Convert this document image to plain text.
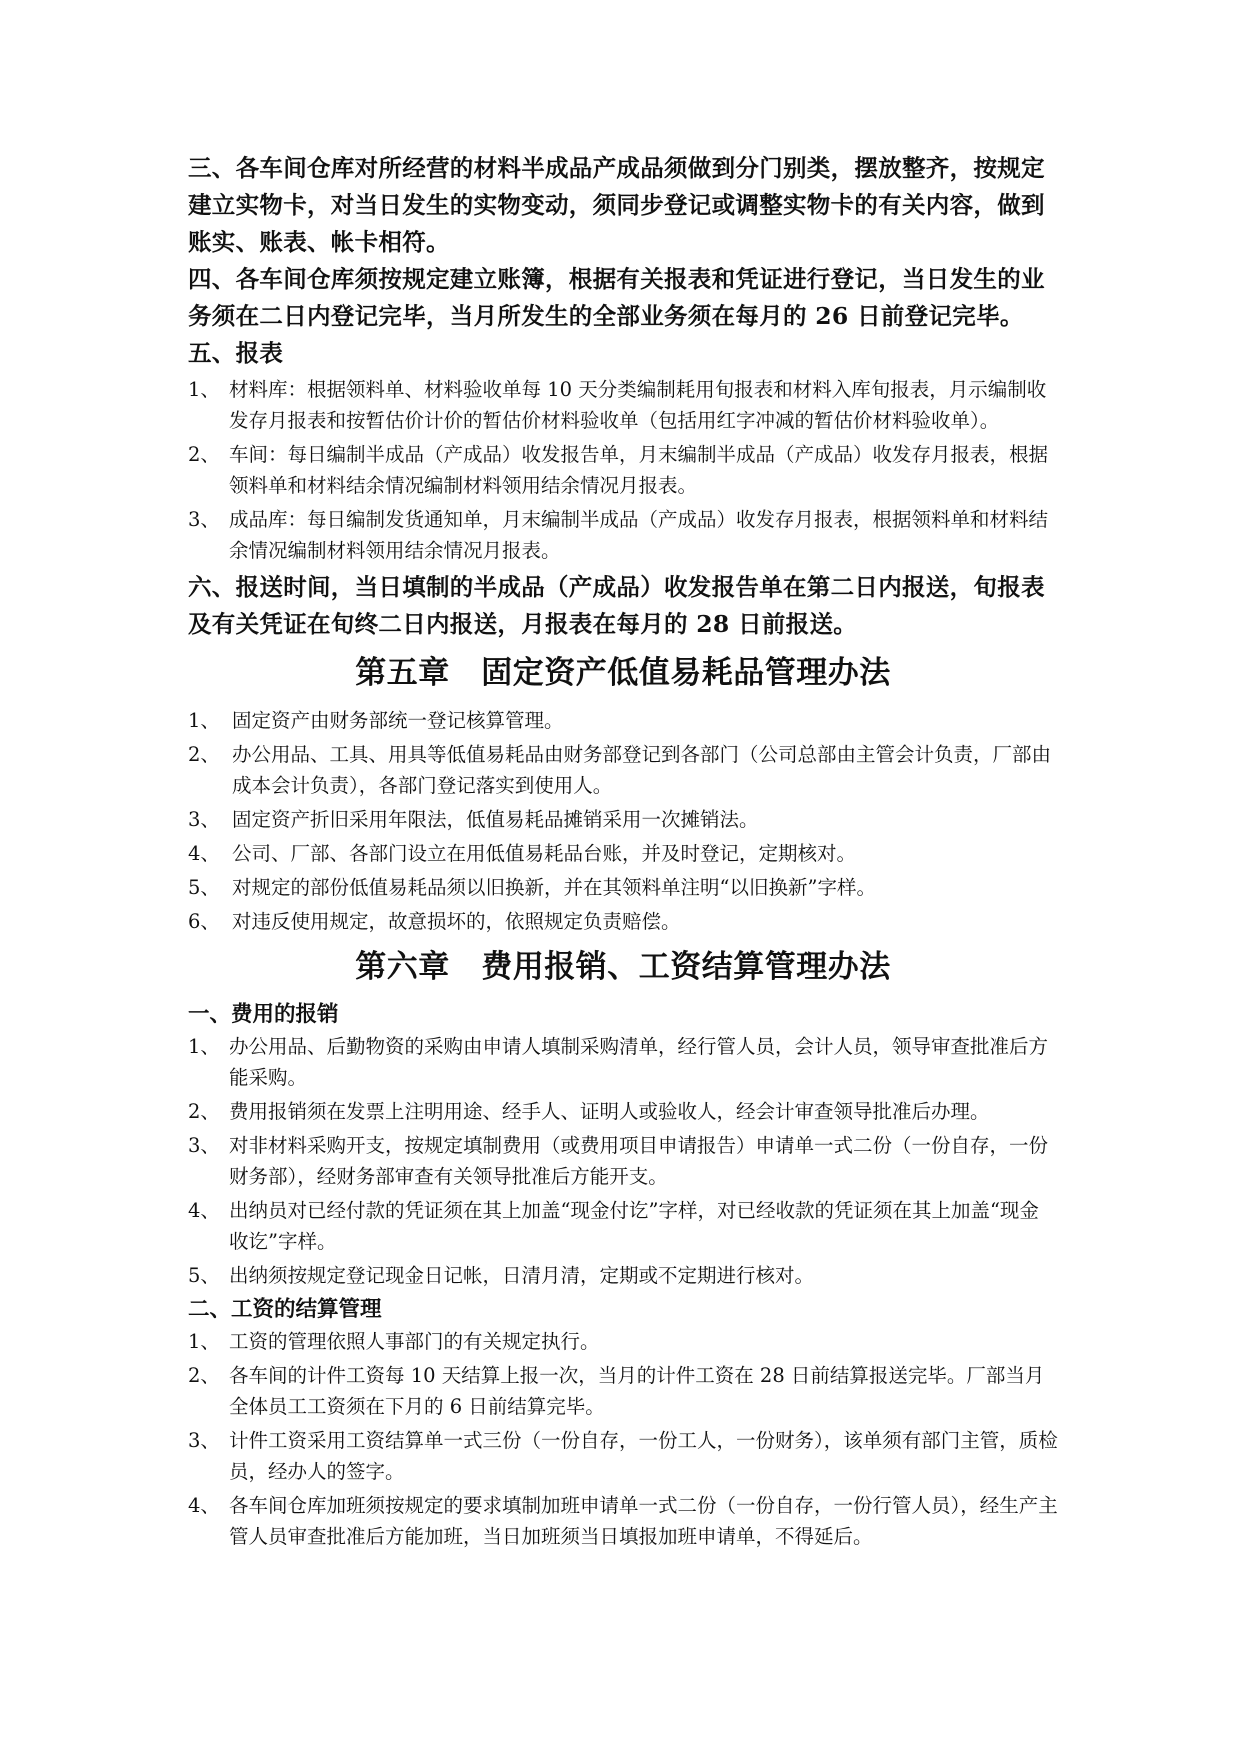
三、各车间仓库对所经营的材料半成品产成品须做到分门别类，摆放整齐，按规定建立实物卡，对当日发生的实物变动，须同步登记或调整实物卡的有关内容，做到账实、账表、帐卡相符。

四、各车间仓库须按规定建立账簿，根据有关报表和凭证进行登记，当日发生的业务须在二日内登记完毕，当月所发生的全部业务须在每月的 26 日前登记完毕。

五、报表

1、 材料库：根据领料单、材料验收单每 10 天分类编制耗用旬报表和材料入库旬报表，月示编制收发存月报表和按暂估价计价的暂估价材料验收单（包括用红字冲减的暂估价材料验收单）。
2、 车间：每日编制半成品（产成品）收发报告单，月末编制半成品（产成品）收发存月报表，根据领料单和材料结余情况编制材料领用结余情况月报表。
3、 成品库：每日编制发货通知单，月末编制半成品（产成品）收发存月报表，根据领料单和材料结余情况编制材料领用结余情况月报表。

六、报送时间，当日填制的半成品（产成品）收发报告单在第二日内报送，旬报表及有关凭证在旬终二日内报送，月报表在每月的 28 日前报送。

第五章　固定资产低值易耗品管理办法
1、 固定资产由财务部统一登记核算管理。
2、 办公用品、工具、用具等低值易耗品由财务部登记到各部门（公司总部由主管会计负责，厂部由成本会计负责），各部门登记落实到使用人。
3、 固定资产折旧采用年限法，低值易耗品摊销采用一次摊销法。
4、 公司、厂部、各部门设立在用低值易耗品台账，并及时登记，定期核对。
5、 对规定的部份低值易耗品须以旧换新，并在其领料单注明“以旧换新”字样。
6、 对违反使用规定，故意损坏的，依照规定负责赔偿。
第六章　费用报销、工资结算管理办法

一、费用的报销

1、 办公用品、后勤物资的采购由申请人填制采购清单，经行管人员，会计人员，领导审查批准后方能采购。
2、 费用报销须在发票上注明用途、经手人、证明人或验收人，经会计审查领导批准后办理。
3、 对非材料采购开支，按规定填制费用（或费用项目申请报告）申请单一式二份（一份自存，一份财务部），经财务部审查有关领导批准后方能开支。
4、 出纳员对已经付款的凭证须在其上加盖“现金付讫”字样，对已经收款的凭证须在其上加盖“现金收讫”字样。
5、 出纳须按规定登记现金日记帐，日清月清，定期或不定期进行核对。

二、工资的结算管理

1、 工资的管理依照人事部门的有关规定执行。
2、 各车间的计件工资每 10 天结算上报一次，当月的计件工资在 28 日前结算报送完毕。厂部当月全体员工工资须在下月的 6 日前结算完毕。
3、 计件工资采用工资结算单一式三份（一份自存，一份工人，一份财务），该单须有部门主管，质检员，经办人的签字。
4、 各车间仓库加班须按规定的要求填制加班申请单一式二份（一份自存，一份行管人员），经生产主管人员审查批准后方能加班，当日加班须当日填报加班申请单，不得延后。
